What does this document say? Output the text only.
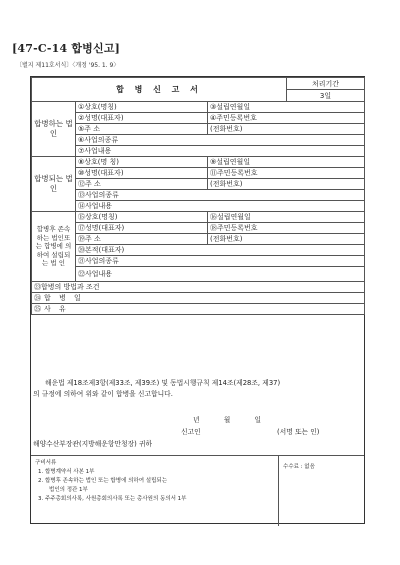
[47-C-14 합병신고]
〔별지 제11호서식〕〈개정 '95. 1. 9〉
합 병 신 고 서			처리기간
			3일
합병하는 법 인	①상호(명칭)	③설립연월일	
	②성명(대표자)	④주민등록번호	
	⑤주 소	(전화번호)	
	⑥사업의종류		
	⑦사업내용		
합병되는 법 인	⑧상호(명 칭)	⑨설립연월일	
	⑩성명(대표자)	⑪주민등록번호	
	⑫주 소	(전화번호)	
	⑬사업의종류		
	⑭사업내용		
합병후 존속하는 법인또는 합병에 의하여 설립되는 법 인	⑮상호(명칭)	⑯설립연월일	
	⑰성명(대표자)	⑱주민등록번호	
	⑲주 소	(전화번호)	
	⑳본적(대표자)		
	㉑사업의종류		
	㉒사업내용		
㉓합병의 방법과 조건			
㉔합 병 일			
㉕사 유			
해운법 제18조제3항(제33조, 제39조) 및 동법시행규칙 제14조(제28조, 제37)
의 규정에 의하여 위와 같이 합병을 신고합니다.
년 월 일
신고인	(서명 또는 인)
해양수산부장관(지방해운항만청장) 귀하
구비서류
1. 합병계약서 사본 1부
2. 합병후 존속하는 법인 또는 합병에 의하여 설립되는
법인의 정관 1부
3. 주주총회의사록, 사원총회의사록 또는 총사원의 동의서 1부
수수료 : 없음
